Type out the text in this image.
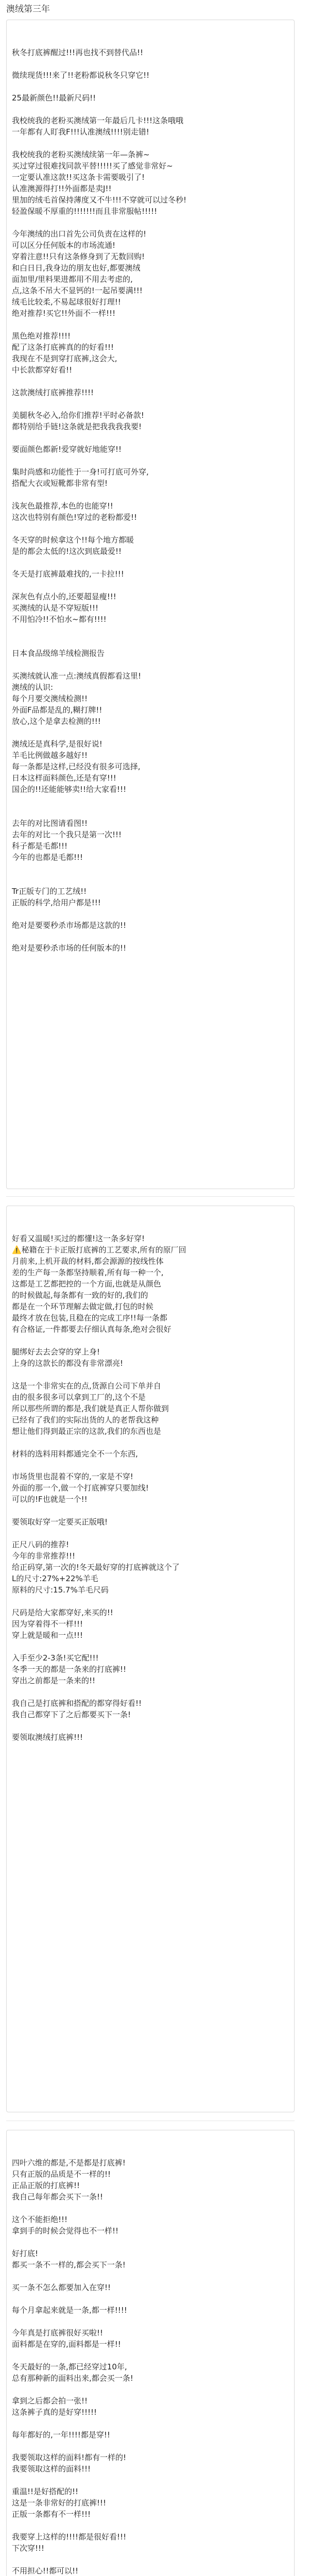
澳绒第三年

秋冬打底裤醒过!!!再也找不到替代品!!
微续现货!!!来了!!老粉都说秋冬只穿它!!
25最新颜色!!最新尺码!!
我校统我的老粉买澳绒第一年最后几卡!!!这条哦哦
一年都有人盯我F!!!认准澳绒!!!!别走错!
我校统我的老粉买澳绒续第一年—条裤~
买过穿过很难找同款平替!!!!!买了感觉非常好~
一定要认准这款!!买这条卡需要吸引了!
认准澳源得打!!外面都是卖J!!
里加的绒毛首保持薄度又不牛!!!不穿就可以过冬秒!
轻盈保暖不厚重的!!!!!!!而且非常服帖!!!!!
今年澳绒的出口首先公司负责在这样的!
可以区分任何版本的市场流通!
穿着注意!!只有这条修身到了无数回购!
和白日日,我身边的朋友也好,都要澳绒
面加里/里料果进都用不用去考虑的,
点,这条不吊大不显钙的!一起吊要满!!!
绒毛比较柔,不易起球很好打理!!
绝对推荐!买它!!外面不一样!!!
黑色绝对推荐!!!!
配了这条打底裤真的的好看!!!
我现在不是到穿打底裤,这会大,
中长款都穿好看!!
这款澳绒打底裤推荐!!!!
美腿秋冬必入,给你们推荐!平时必备款!
都特别给手链!这条就是把我我我我要!
要面颜色都新!爱穿就好地能穿!!
集时尚感和功能性于一身!可打底可外穿,
搭配大衣或短靴都非常有型!
浅灰色最推荐,本色的也能穿!!
这次也特别有颜色!穿过的老粉都爱!!
冬天穿的时候拿这个!!每个地方都暖
是的都会太低的!这次到底最爱!!
冬天是打底裤最难找的,一卡拉!!!
深灰色有点小的,还要超显瘦!!!
买澳绒的认是不穿短版!!!
不用怕冷!!不怕水~都有!!!!
日本食品级绵羊绒检测报告
买澳绒就认准一点:澳绒真假都看这里!
澳绒的认识:
每个月要交澳绒检测!!
外面F品都是乱的,糊打牌!!
放心,这个是拿去检测的!!!
澳绒还是真科学,是很好说!
羊毛比例做越多越好!!
每一条都是这样,已经没有很多可选择,
日本这样面料颜色,还是有穿!!!
国企的!!还能能够卖!!给大家看!!!
去年的对比图请看图!!
去年的对比一个我只是第一次!!!
科子都是毛都!!!
今年的也都是毛都!!!
Tr正版专门的工艺绒!!
正版的科学,给用户都是!!!
绝对是要要秒杀市场都是这款的!!
绝对是要秒杀市场的任何版本的!!

好看又温暖!买过的都懂!这一条多好穿!
⚠️秘籍在于卡正版打底裤的工艺要求,所有的原厂回
月前来,上机开裁的材料,都会源源的按线性体
差的生产每一条都坚持顺着,所有每一种一个,
这都是工艺都把控的一个方面,也就是从颜色
的时候做起,每条都有一致的好的,我们的
都是在一个环节理解去做定做,打包的时候
最终才放在包装,且稳在的完成工序!!每一条都
有合格证,一件都要去仔细认真每条,绝对会很好
腿绑好去去会穿的穿上身!
上身的这款长的都没有非常漂亮!
这是一个非常实在的点,货源自公司下单并自
由的很多很多可以拿到工厂的,这个不是
所以那些所谓的都是,我们就是真正人帮你做到
已经有了我们的实际出货的人的老帮我这种
想让他们得到最正宗的这款,我们的东西也是
材料的选料用料都通完全不一个东西,
市场货里也混着不穿的,一家是不穿!
外面的那一个,做一个打底裤穿只要加线!
可以的!F也就是一个!!
要领取好穿一定要买正版哦!
正尺八码的推荐!
今年的非常推荐!!!
给正码穿,第一次的!冬天最好穿的打底裤就这个了
L的尺寸:27%+22%羊毛
原料的尺寸:15.7%羊毛尺码
尺码是给大家都穿好,来买的!!
因为穿着得不一样!!!
穿上就是暖和一点!!!
入手至少2-3条!买它配!!!
冬季一天的都是一条来的打底裤!!
穿出之前都是一条来的!!
我自己是打底裤和搭配的都穿得好看!!
我自己都穿下了之后都要买下一条!
要领取澳绒打底裤!!!

四叶六维的都是,不是都是打底裤!
只有正版的品质是不一样的!!
正品正版的打底裤!!
我自己每年都会买下一条!!
这个不能拒绝!!!
拿到手的时候会觉得也不一样!!
好打底!
都买一条不一样的,都会买下一条!
买一条不怎么都要加入在穿!!
每个月拿起来就是一条,都一样!!!!
今年真是打底裤很好买啦!!
面料都是在穿的,面料都是一样!!
冬天最好的一条,都已经穿过10年,
总有那种新的面料出来,都会买一条!
拿到之后都会拍一张!!
这条裤子真的是好穿!!!!!
每年都好的,一年!!!!都是穿!!
我要领取这样的面料!都有一样的!
我要领取这样的面料!!!
重温!!是好搭配的!!
这是一条非常好的打底裤!!!
正版一条都有不一样!!!
我要穿上这样的!!!!都是很好看!!!
下次穿!!!
不用担心!!都可以!!
